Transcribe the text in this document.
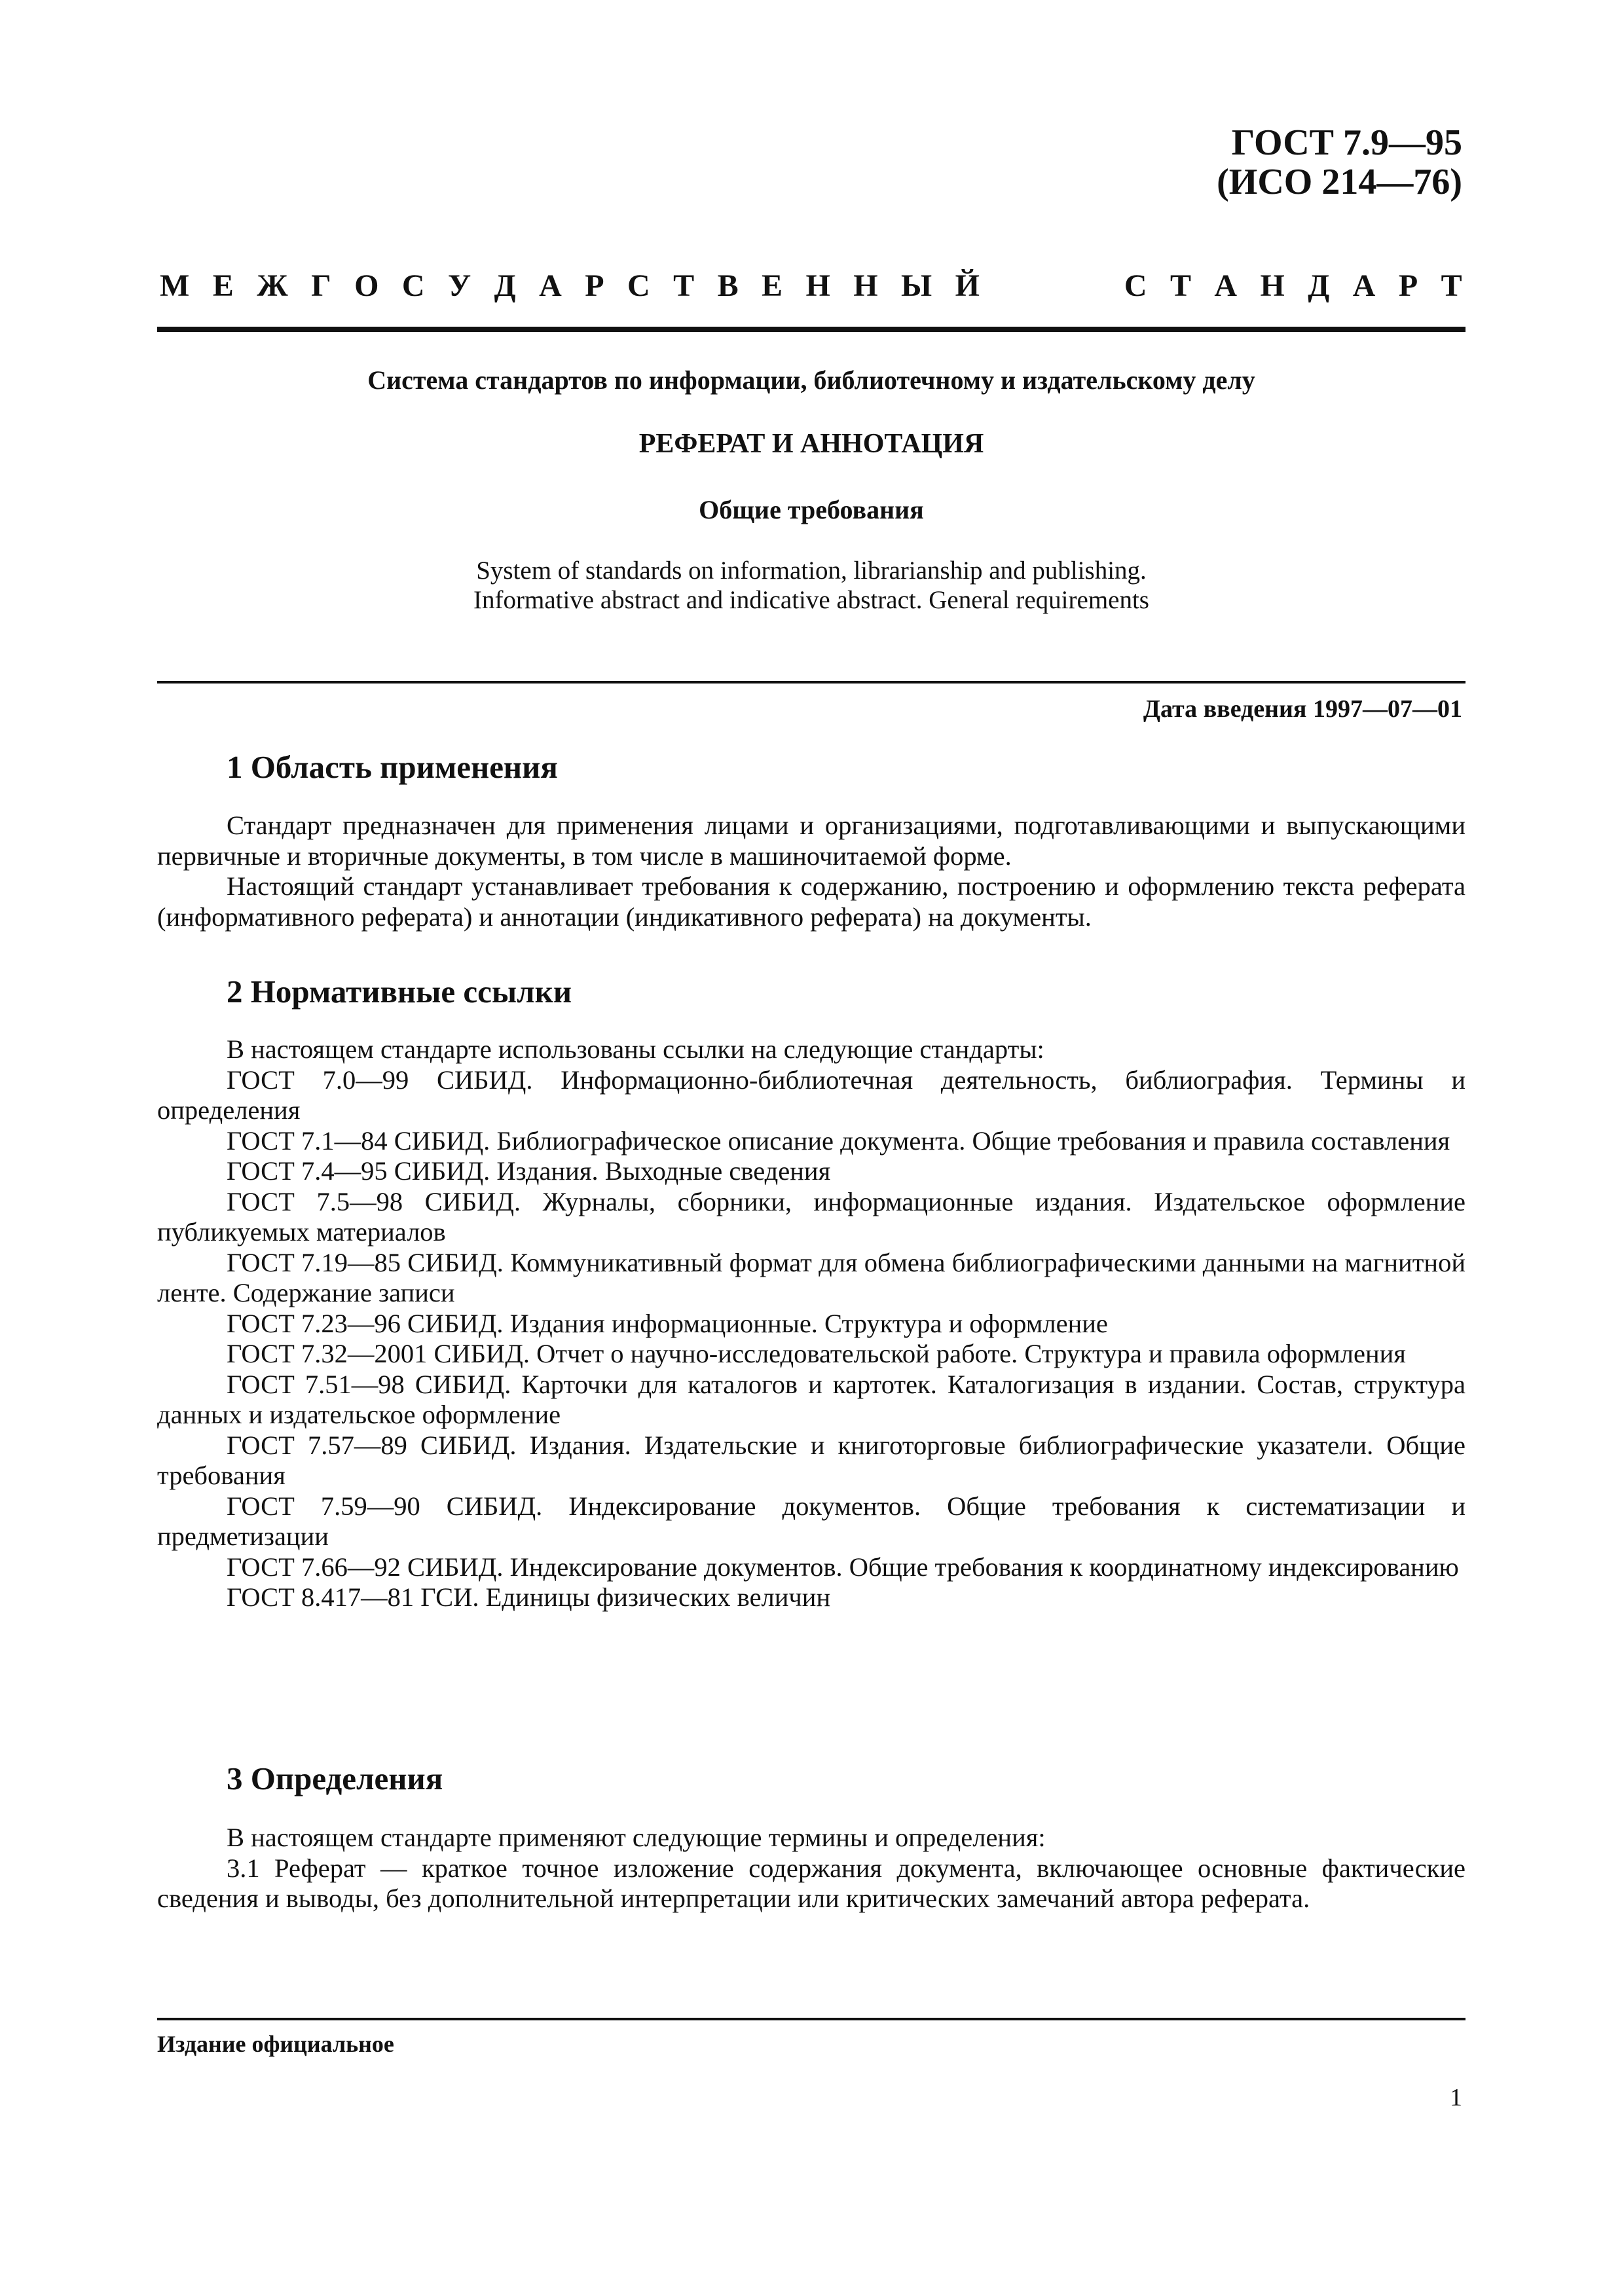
ГОСТ 7.9—95
(ИСО 214—76)
М Е Ж Г О С У Д А Р С Т В Е Н Н Ы Й	С Т А Н Д А Р Т
Система стандартов по информации, библиотечному и издательскому делу
РЕФЕРАТ И АННОТАЦИЯ
Общие требования
System of standards on information, librarianship and publishing.
Informative abstract and indicative abstract. General requirements
Дата введения 1997—07—01
1 Область применения

Стандарт предназначен для применения лицами и организациями, подготавливающими и выпускающими первичные и вторичные документы, в том числе в машиночитаемой форме.

Настоящий стандарт устанавливает требования к содержанию, построению и оформлению текста реферата (информативного реферата) и аннотации (индикативного реферата) на документы.

2 Нормативные ссылки

В настоящем стандарте использованы ссылки на следующие стандарты:

ГОСТ 7.0—99 СИБИД. Информационно-библиотечная деятельность, библиография. Термины и определения

ГОСТ 7.1—84 СИБИД. Библиографическое описание документа. Общие требования и правила составления

ГОСТ 7.4—95 СИБИД. Издания. Выходные сведения

ГОСТ 7.5—98 СИБИД. Журналы, сборники, информационные издания. Издательское оформление публикуемых материалов

ГОСТ 7.19—85 СИБИД. Коммуникативный формат для обмена библиографическими данными на магнитной ленте. Содержание записи

ГОСТ 7.23—96 СИБИД. Издания информационные. Структура и оформление

ГОСТ 7.32—2001 СИБИД. Отчет о научно-исследовательской работе. Структура и правила оформления

ГОСТ 7.51—98 СИБИД. Карточки для каталогов и картотек. Каталогизация в издании. Состав, структура данных и издательское оформление

ГОСТ 7.57—89 СИБИД. Издания. Издательские и книготорговые библиографические указатели. Общие требования

ГОСТ 7.59—90 СИБИД. Индексирование документов. Общие требования к систематизации и предметизации

ГОСТ 7.66—92 СИБИД. Индексирование документов. Общие требования к координатному индексированию

ГОСТ 8.417—81 ГСИ. Единицы физических величин

3 Определения

В настоящем стандарте применяют следующие термины и определения:

3.1 Реферат — краткое точное изложение содержания документа, включающее основные фактические сведения и выводы, без дополнительной интерпретации или критических замечаний автора реферата.

Издание официальное
1
